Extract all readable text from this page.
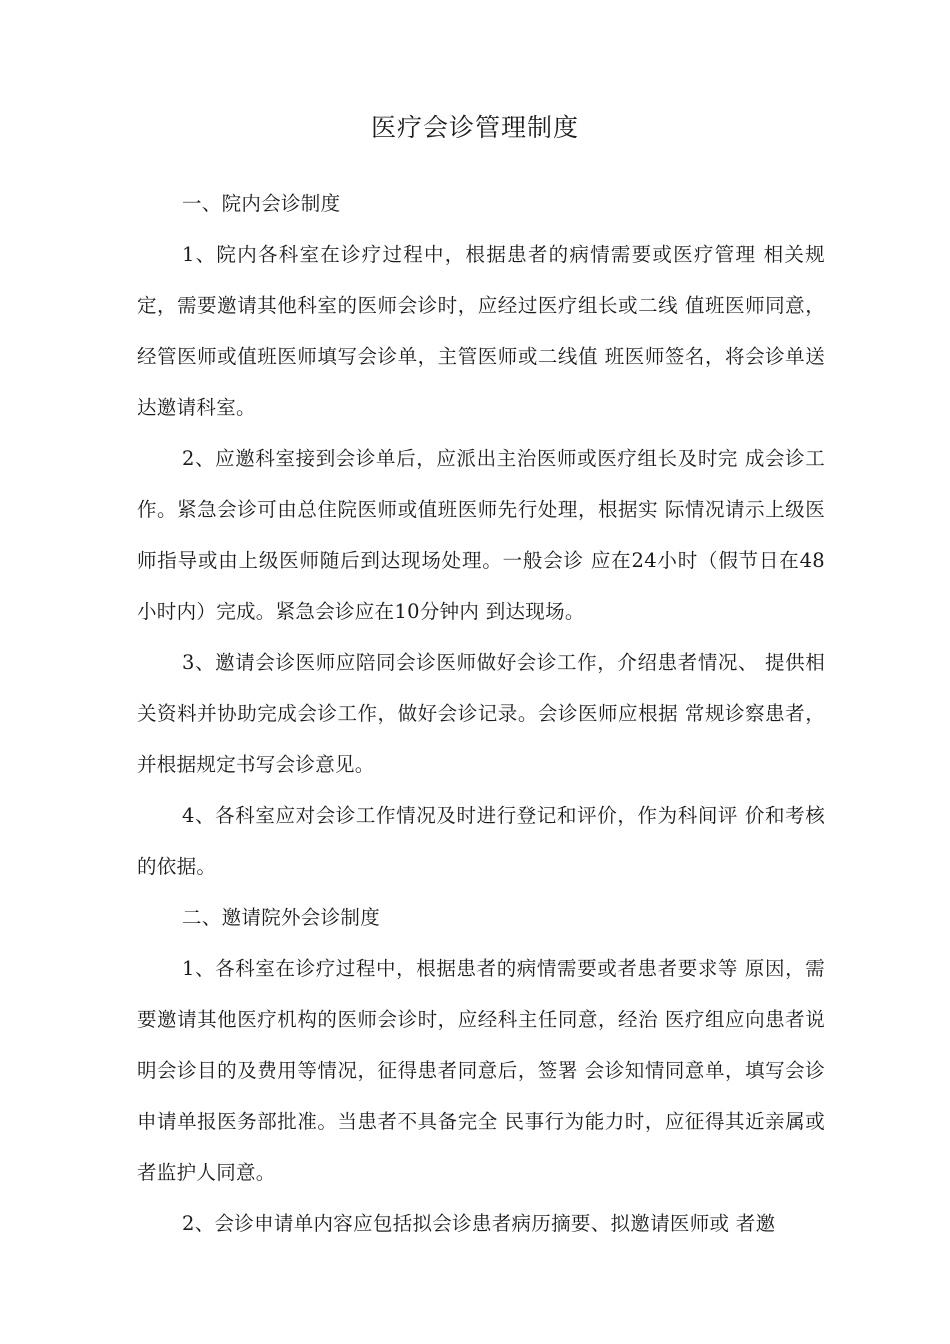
医疗会诊管理制度

一、院内会诊制度

1、院内各科室在诊疗过程中，根据患者的病情需要或医疗管理 相关规定，需要邀请其他科室的医师会诊时，应经过医疗组长或二线 值班医师同意，经管医师或值班医师填写会诊单，主管医师或二线值 班医师签名，将会诊单送达邀请科室。

2、应邀科室接到会诊单后，应派出主治医师或医疗组长及时完 成会诊工作。紧急会诊可由总住院医师或值班医师先行处理，根据实 际情况请示上级医师指导或由上级医师随后到达现场处理。一般会诊 应在24小时（假节日在48小时内）完成。紧急会诊应在10分钟内 到达现场。

3、邀请会诊医师应陪同会诊医师做好会诊工作，介绍患者情况、 提供相关资料并协助完成会诊工作，做好会诊记录。会诊医师应根据 常规诊察患者，并根据规定书写会诊意见。

4、各科室应对会诊工作情况及时进行登记和评价，作为科间评 价和考核的依据。

二、邀请院外会诊制度

1、各科室在诊疗过程中，根据患者的病情需要或者患者要求等 原因，需要邀请其他医疗机构的医师会诊时，应经科主任同意，经治 医疗组应向患者说明会诊目的及费用等情况，征得患者同意后，签署 会诊知情同意单，填写会诊申请单报医务部批准。当患者不具备完全 民事行为能力时，应征得其近亲属或者监护人同意。

2、会诊申请单内容应包括拟会诊患者病历摘要、拟邀请医师或 者邀
